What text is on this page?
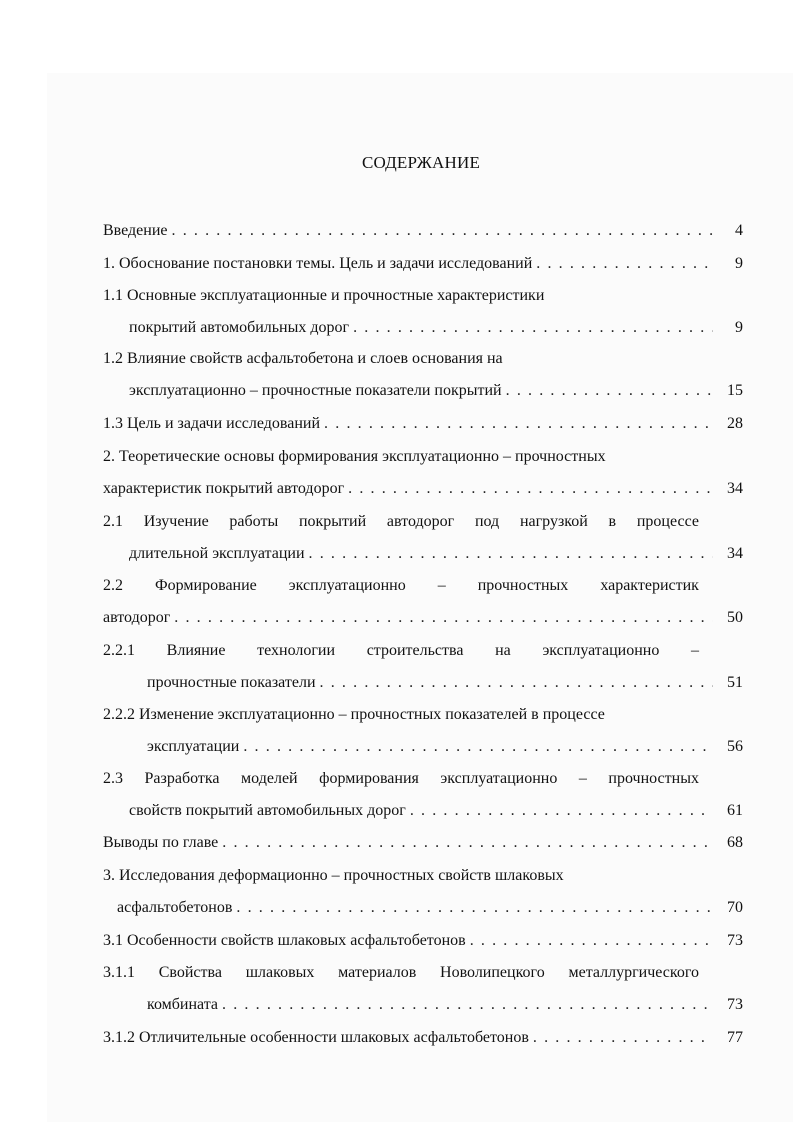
СОДЕРЖАНИЕ
Введение . . .	4
1. Обоснование постановки темы. Цель и задачи исследований . . .	9
1.1 Основные эксплуатационные и прочностные характеристики
покрытий автомобильных дорог . . .	9
1.2 Влияние свойств асфальтобетона и слоев основания на
эксплуатационно – прочностные показатели покрытий . . .	15
1.3 Цель и задачи исследований . . .	28
2. Теоретические основы формирования эксплуатационно – прочностных
характеристик покрытий автодорог . . .	34
2.1 Изучение работы покрытий автодорог под нагрузкой в процессе
длительной эксплуатации . . .	34
2.2 Формирование эксплуатационно – прочностных характеристик
автодорог . . .	50
2.2.1 Влияние технологии строительства на эксплуатационно –
прочностные показатели . . .	51
2.2.2 Изменение эксплуатационно – прочностных показателей в процессе
эксплуатации . . .	56
2.3 Разработка моделей формирования эксплуатационно – прочностных
свойств покрытий автомобильных дорог . . .	61
Выводы по главе . . .	68
3. Исследования деформационно – прочностных свойств шлаковых
асфальтобетонов . . .	70
3.1 Особенности свойств шлаковых асфальтобетонов . . .	73
3.1.1 Свойства шлаковых материалов Новолипецкого металлургического
комбината . . .	73
3.1.2 Отличительные особенности шлаковых асфальтобетонов . . .	77
